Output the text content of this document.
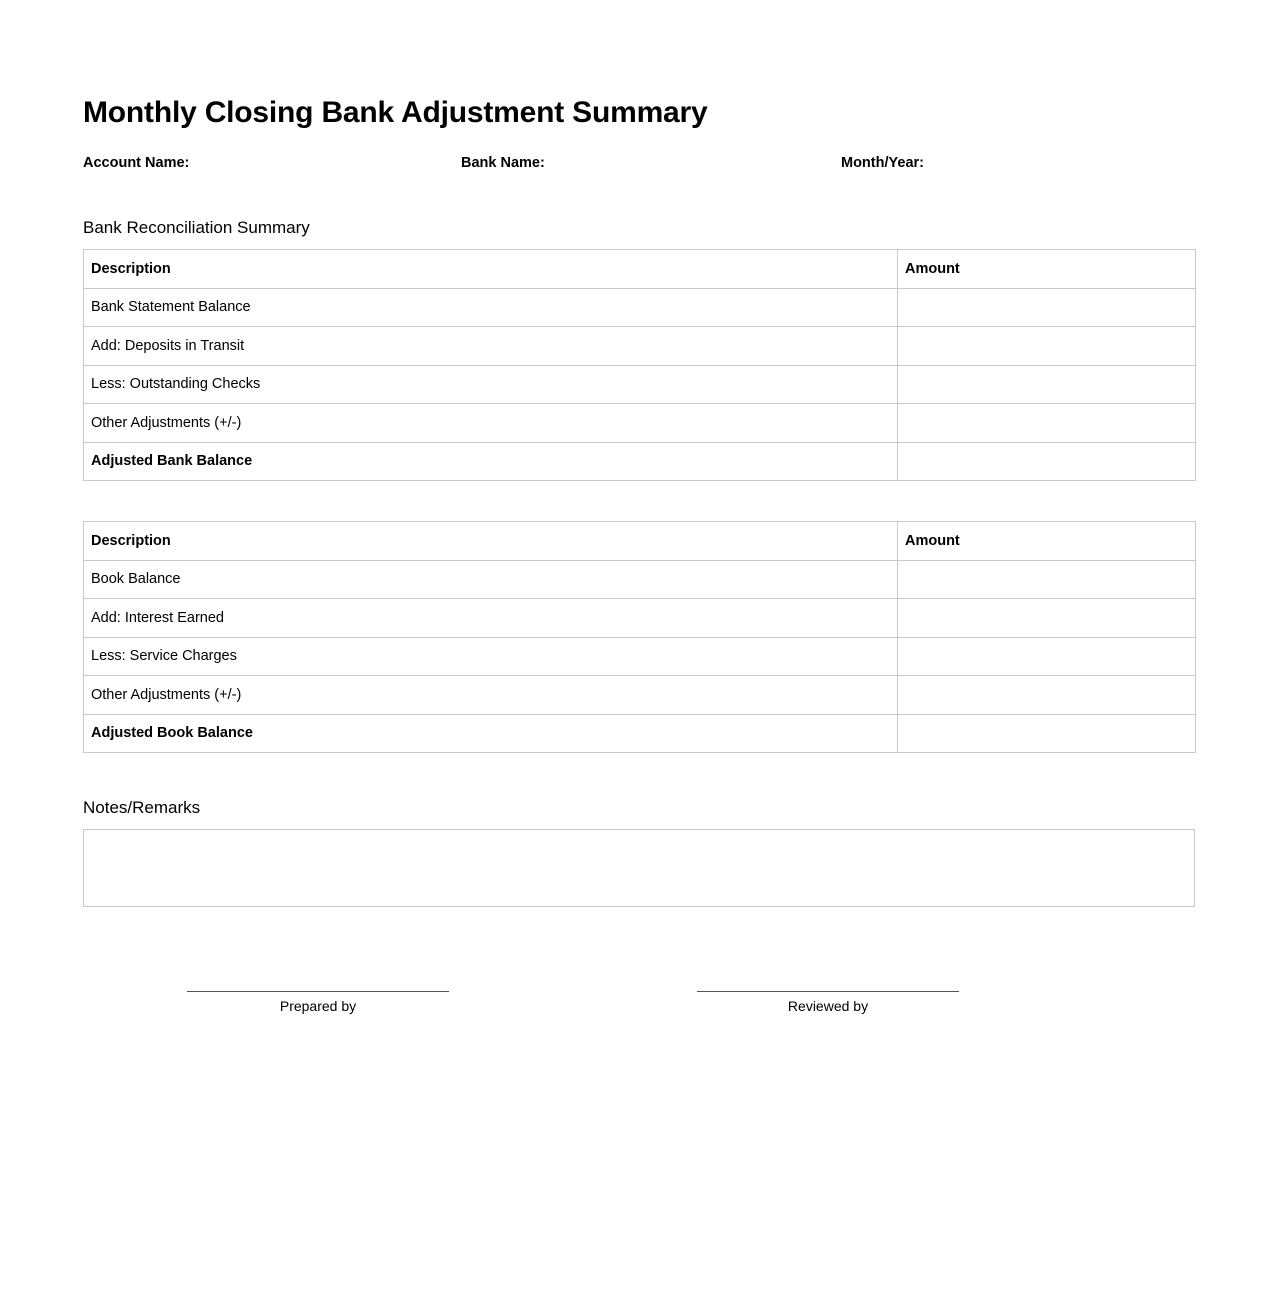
Monthly Closing Bank Adjustment Summary
Account Name:	Bank Name:	Month/Year:
Bank Reconciliation Summary
Description	Amount
Bank Statement Balance	
Add: Deposits in Transit	
Less: Outstanding Checks	
Other Adjustments (+/-)	
Adjusted Bank Balance	
Description	Amount
Book Balance	
Add: Interest Earned	
Less: Service Charges	
Other Adjustments (+/-)	
Adjusted Book Balance	
Notes/Remarks
Prepared by	Reviewed by
